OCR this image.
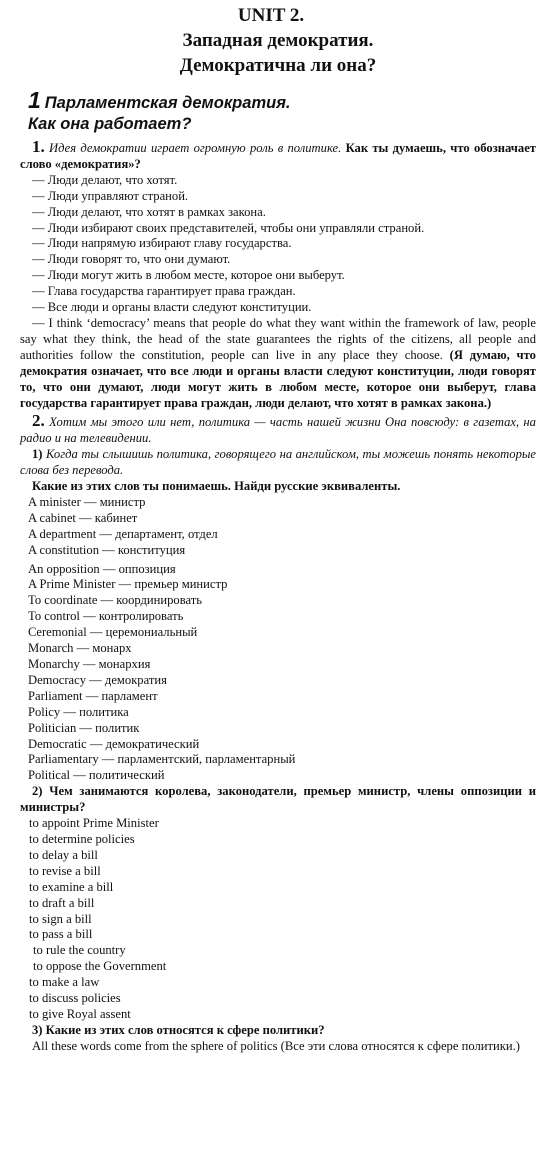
UNIT 2.
Западная демократия.
Демократична ли она?
1 Парламентская демократия.
Как она работает?

1. Идея демократии играет огромную роль в политике. Как ты думаешь, что обозначает слово «демократия»?

— Люди делают, что хотят.

— Люди управляют страной.

— Люди делают, что хотят в рамках закона.

— Люди избирают своих представителей, чтобы они управляли страной.

— Люди напрямую избирают главу государства.

— Люди говорят то, что они думают.

— Люди могут жить в любом месте, которое они выберут.

— Глава государства гарантирует права граждан.

— Все люди и органы власти следуют конституции.

— I think ‘democracy’ means that people do what they want within the framework of law, people say what they think, the head of the state guarantees the rights of the citizens, all people and authorities follow the constitution, people can live in any place they choose. (Я думаю, что демократия означает, что все люди и органы власти следуют конституции, люди говорят то, что они думают, люди могут жить в любом месте, которое они выберут, глава государства гарантирует права граждан, люди делают, что хотят в рамках закона.)

2. Хотим мы этого или нет, политика — часть нашей жизни Она повсюду: в газетах, на радио и на телевидении.

1) Когда ты слышишь политика, говорящего на английском, ты можешь понять некоторые слова без перевода.

Какие из этих слов ты понимаешь. Найди русские эквиваленты.

A minister — министр
A cabinet — кабинет
A department — департамент, отдел
A constitution — конституция
An opposition — оппозиция
A Prime Minister — премьер министр
To coordinate — координировать
To control — контролировать
Ceremonial — церемониальный
Monarch — монарх
Monarchy — монархия
Democracy — демократия
Parliament — парламент
Policy — политика
Politician — политик
Democratic — демократический
Parliamentary — парламентский, парламентарный
Political — политический

2) Чем занимаются королева, законодатели, премьер министр, члены оппозиции и министры?

to appoint Prime Minister
to determine policies
to delay a bill
to revise a bill
to examine a bill
to draft a bill
to sign a bill
to pass a bill
to rule the country
to oppose the Government
to make a law
to discuss policies
to give Royal assent

3) Какие из этих слов относятся к сфере политики?

All these words come from the sphere of politics (Все эти слова относятся к сфере политики.)
